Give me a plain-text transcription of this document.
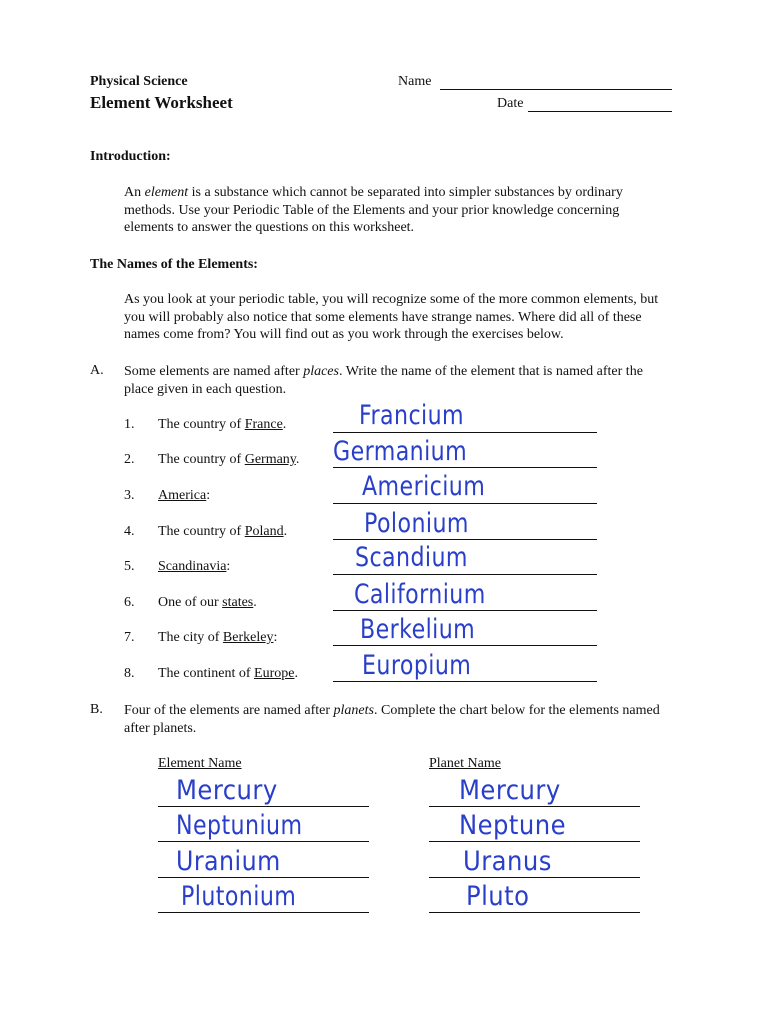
Physical Science
Element Worksheet
Name
Date
Introduction:
An element is a substance which cannot be separated into simpler substances by ordinary methods. Use your Periodic Table of the Elements and your prior knowledge concerning elements to answer the questions on this worksheet.
The Names of the Elements:
As you look at your periodic table, you will recognize some of the more common elements, but you will probably also notice that some elements have strange names. Where did all of these names come from? You will find out as you work through the exercises below.
A. Some elements are named after places. Write the name of the element that is named after the place given in each question.
1. The country of France.	Francium
2. The country of Germany. Germanium
3. America:	Americium
4. The country of Poland.	Polonium
5. Scandinavia:	Scandium
6. One of our states.	Californium
7. The city of Berkeley:	Berkelium
8. The continent of Europe. Europium
B. Four of the elements are named after planets. Complete the chart below for the elements named after planets.
Element Name	Planet Name
Mercury	Mercury
Neptunium	Neptune
Uranium	Uranus
Plutonium	Pluto
